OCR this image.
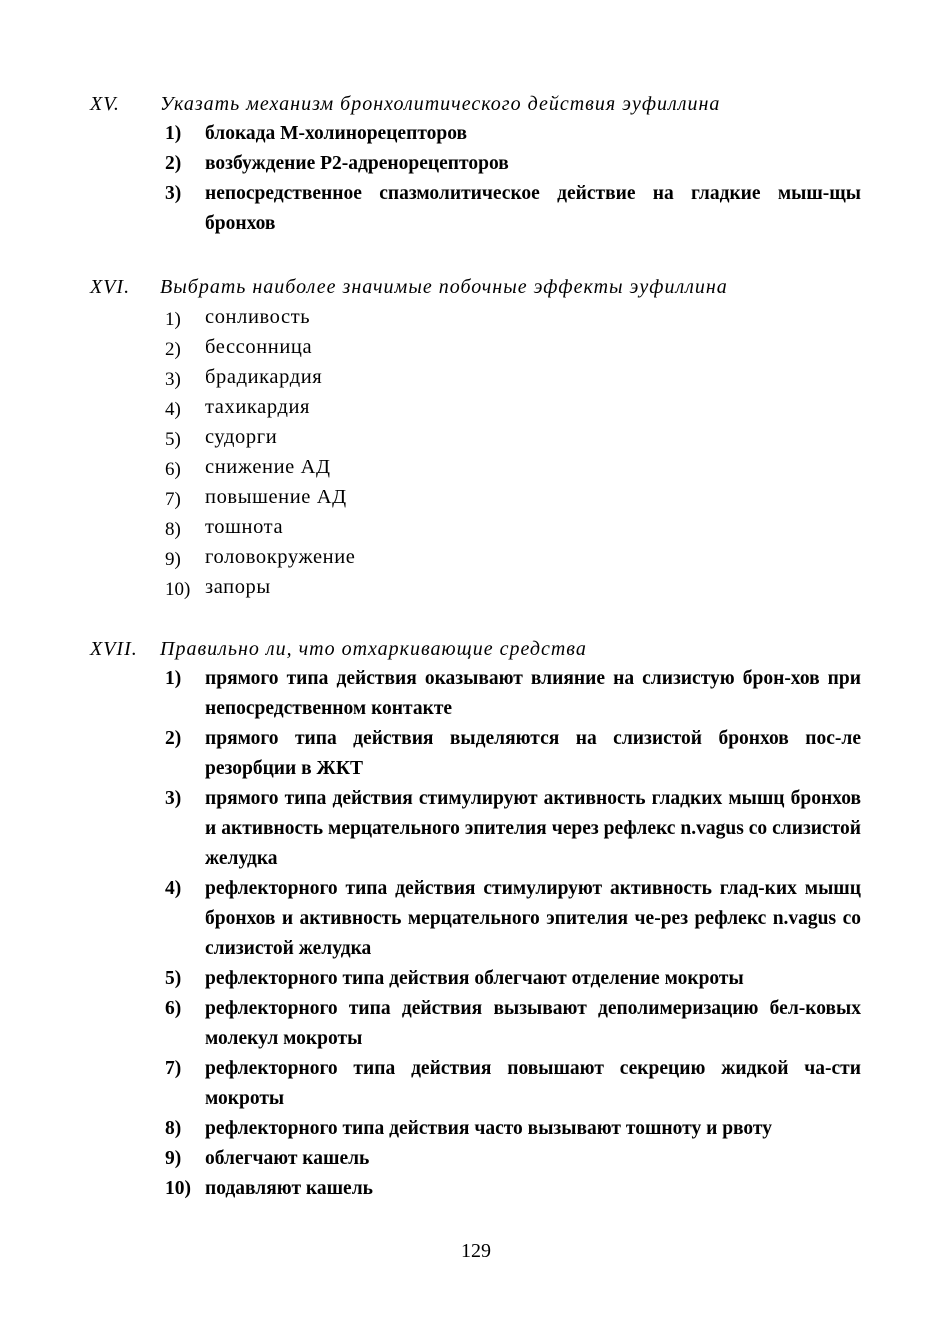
XV. Указать механизм бронхолитического действия эуфиллина
1)	блокада М-холинорецепторов
2)	возбуждение Р2-адренорецепторов
3)	непосредственное спазмолитическое действие на гладкие мыш-щы бронхов
XVI. Выбрать наиболее значимые побочные эффекты эуфиллина
1)	сонливость
2)	бессонница
3)	брадикардия
4)	тахикардия
5)	судорги
6)	снижение АД
7)	повышение АД
8)	тошнота
9)	головокружение
10) запоры
XVII. Правильно ли, что отхаркивающие средства
1)	прямого типа действия оказывают влияние на слизистую брон-хов при непосредственном контакте
2)	прямого типа действия выделяются на слизистой бронхов пос-ле резорбции в ЖКТ
3)	прямого типа действия стимулируют активность гладких мышц бронхов и активность мерцательного эпителия через рефлекс n.vagus со слизистой желудка
4)	рефлекторного типа действия стимулируют активность глад-ких мышц бронхов и активность мерцательного эпителия че-рез рефлекс n.vagus со слизистой желудка
5)	рефлекторного типа действия облегчают отделение мокроты
6)	рефлекторного типа действия вызывают деполимеризацию бел-ковых молекул мокроты
7)	рефлекторного типа действия повышают секрецию жидкой ча-сти мокроты
8)	рефлекторного типа действия часто вызывают тошноту и рвоту
9)	облегчают кашель
10) подавляют кашель
129
